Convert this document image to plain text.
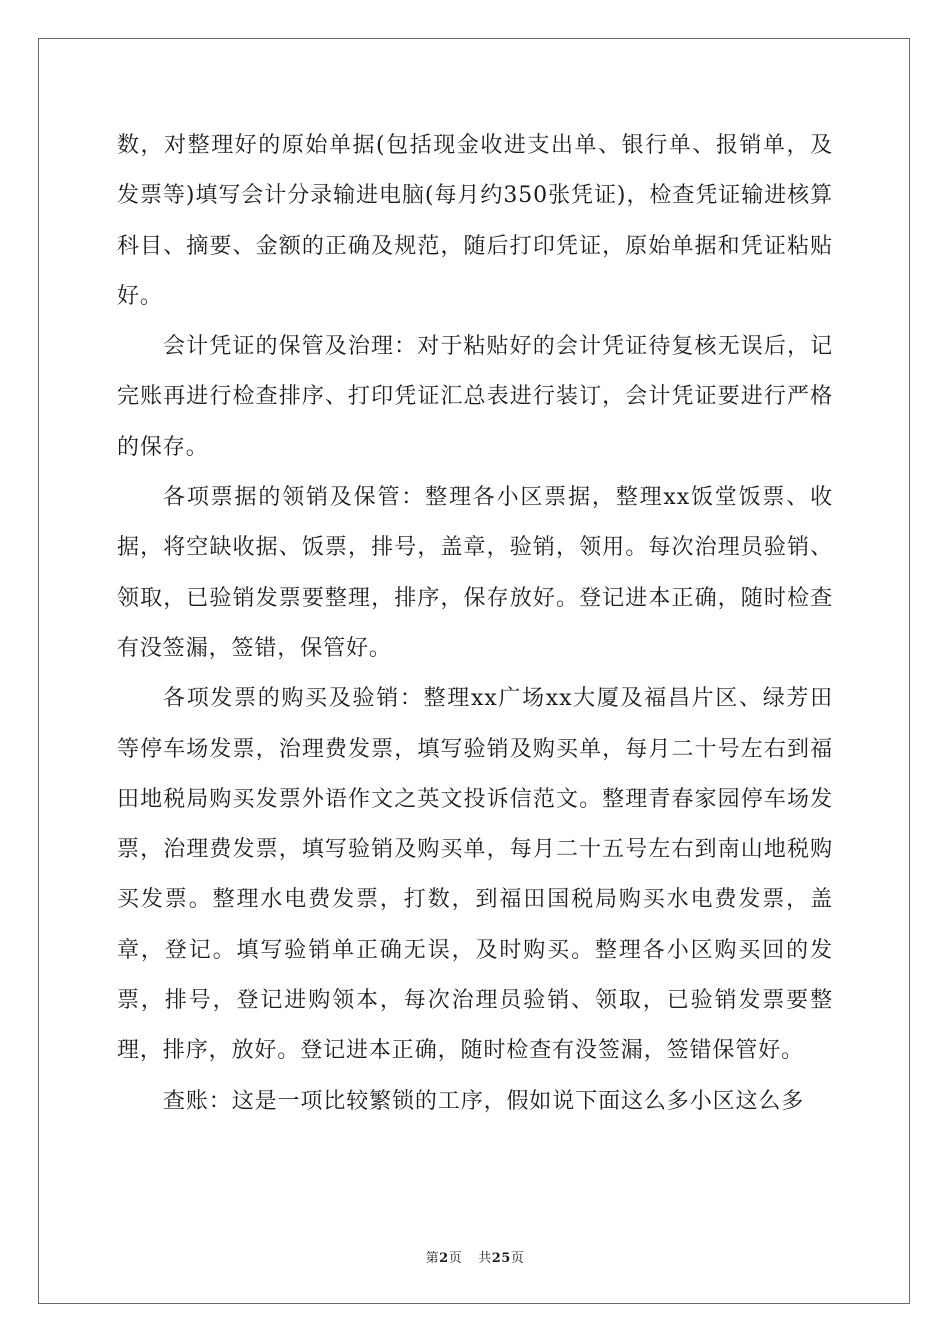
数，对整理好的原始单据(包括现金收进支出单、银行单、报销单，及发票等)填写会计分录输进电脑(每月约350张凭证)，检查凭证输进核算科目、摘要、金额的正确及规范，随后打印凭证，原始单据和凭证粘贴好。

会计凭证的保管及治理：对于粘贴好的会计凭证待复核无误后，记完账再进行检查排序、打印凭证汇总表进行装订，会计凭证要进行严格的保存。

各项票据的领销及保管：整理各小区票据，整理xx饭堂饭票、收据，将空缺收据、饭票，排号，盖章，验销，领用。每次治理员验销、领取，已验销发票要整理，排序，保存放好。登记进本正确，随时检查有没签漏，签错，保管好。

各项发票的购买及验销：整理xx广场xx大厦及福昌片区、绿芳田等停车场发票，治理费发票，填写验销及购买单，每月二十号左右到福田地税局购买发票外语作文之英文投诉信范文。整理青春家园停车场发票，治理费发票，填写验销及购买单，每月二十五号左右到南山地税购买发票。整理水电费发票，打数，到福田国税局购买水电费发票，盖章，登记。填写验销单正确无误，及时购买。整理各小区购买回的发票，排号，登记进购领本，每次治理员验销、领取，已验销发票要整理，排序，放好。登记进本正确，随时检查有没签漏，签错保管好。

查账：这是一项比较繁锁的工序，假如说下面这么多小区这么多

第2页 共25页
